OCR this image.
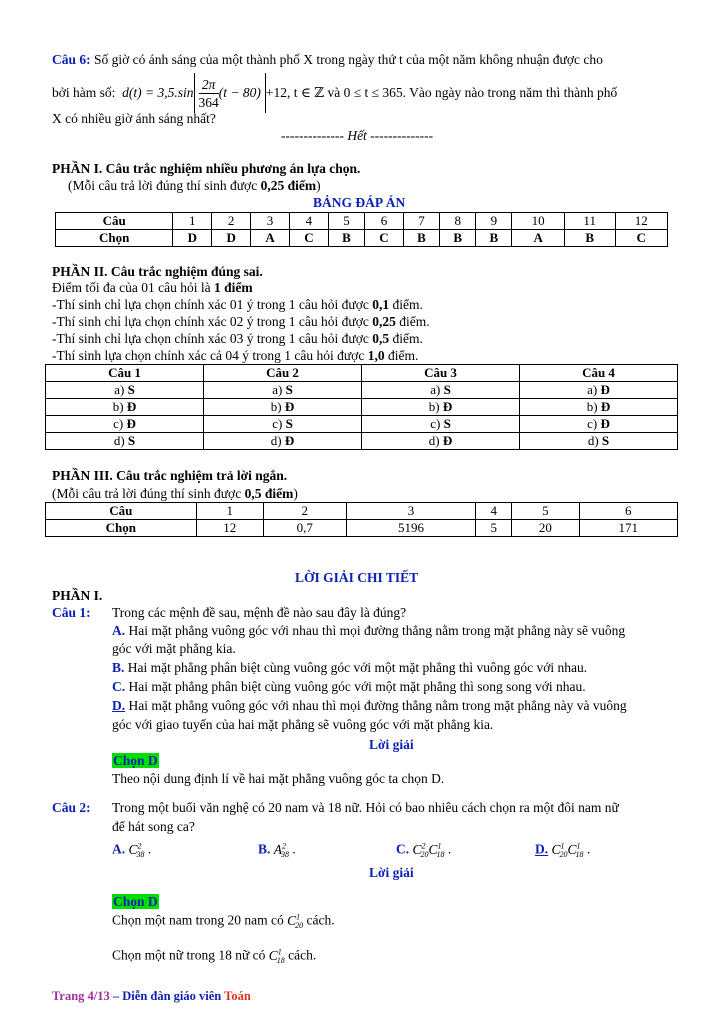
Câu 6: Số giờ có ánh sáng của một thành phố X trong ngày thứ t của một năm không nhuận được cho
bởi hàm số:
$d(t) = 3,5.\sin \frac{2\pi}{364} (t - 80) +12$, t ∈ ℤ và 0 ≤ t ≤ 365. Vào ngày nào trong năm thì thành phố
X có nhiều giờ ánh sáng nhất?
-------------- Hết --------------
PHẦN I. Câu trắc nghiệm nhiều phương án lựa chọn.
(Mỗi câu trả lời đúng thí sinh được 0,25 điểm)
BẢNG ĐÁP ÁN
Câu	1	2	3	4	5	6	7	8	9	10	11	12
Chọn	D	D	A	C	B	C	B	B	B	A	B	C
PHẦN II. Câu trắc nghiệm đúng sai.
Điểm tối đa của 01 câu hỏi là 1 điểm
-Thí sinh chỉ lựa chọn chính xác 01 ý trong 1 câu hỏi được 0,1 điểm.
-Thí sinh chỉ lựa chọn chính xác 02 ý trong 1 câu hỏi được 0,25 điểm.
-Thí sinh chỉ lựa chọn chính xác 03 ý trong 1 câu hỏi được 0,5 điểm.
-Thí sinh lựa chọn chính xác cả 04 ý trong 1 câu hỏi được 1,0 điểm.
Câu 1	Câu 2	Câu 3	Câu 4
a) S	a) S	a) S	a) Đ
b) Đ	b) Đ	b) Đ	b) Đ
c) Đ	c) S	c) S	c) Đ
d) S	d) Đ	d) Đ	d) S
PHẦN III. Câu trắc nghiệm trả lời ngắn.
(Mỗi câu trả lời đúng thí sinh được 0,5 điểm)
Câu	1	2	3	4	5	6
Chọn	12	0,7	5196	5	20	171
LỜI GIẢI CHI TIẾT
PHẦN I.
Câu 1: Trong các mệnh đề sau, mệnh đề nào sau đây là đúng?
A. Hai mặt phẳng vuông góc với nhau thì mọi đường thẳng nằm trong mặt phẳng này sẽ vuông
góc với mặt phẳng kia.
B. Hai mặt phẳng phân biệt cùng vuông góc với một mặt phẳng thì vuông góc với nhau.
C. Hai mặt phẳng phân biệt cùng vuông góc với một mặt phẳng thì song song với nhau.
D. Hai mặt phẳng vuông góc với nhau thì mọi đường thẳng nằm trong mặt phẳng này và vuông
góc với giao tuyến của hai mặt phẳng sẽ vuông góc với mặt phẳng kia.
Lời giải
Chọn D
Theo nội dung định lí về hai mặt phẳng vuông góc ta chọn D.
Câu 2: Trong một buổi văn nghệ có 20 nam và 18 nữ. Hỏi có bao nhiêu cách chọn ra một đôi nam nữ
để hát song ca?
A. $C^2_{38}$ .	B. $A^2_{38}$ .	C. $C^2_{20}C^1_{18}$ .	D. $C^1_{20}C^1_{18}$ .
Lời giải
Chọn D
Chọn một nam trong 20 nam có $C^1_{20}$ cách.
Chọn một nữ trong 18 nữ có $C^1_{18}$ cách.
Trang 4/13 – Diễn đàn giáo viên Toán
